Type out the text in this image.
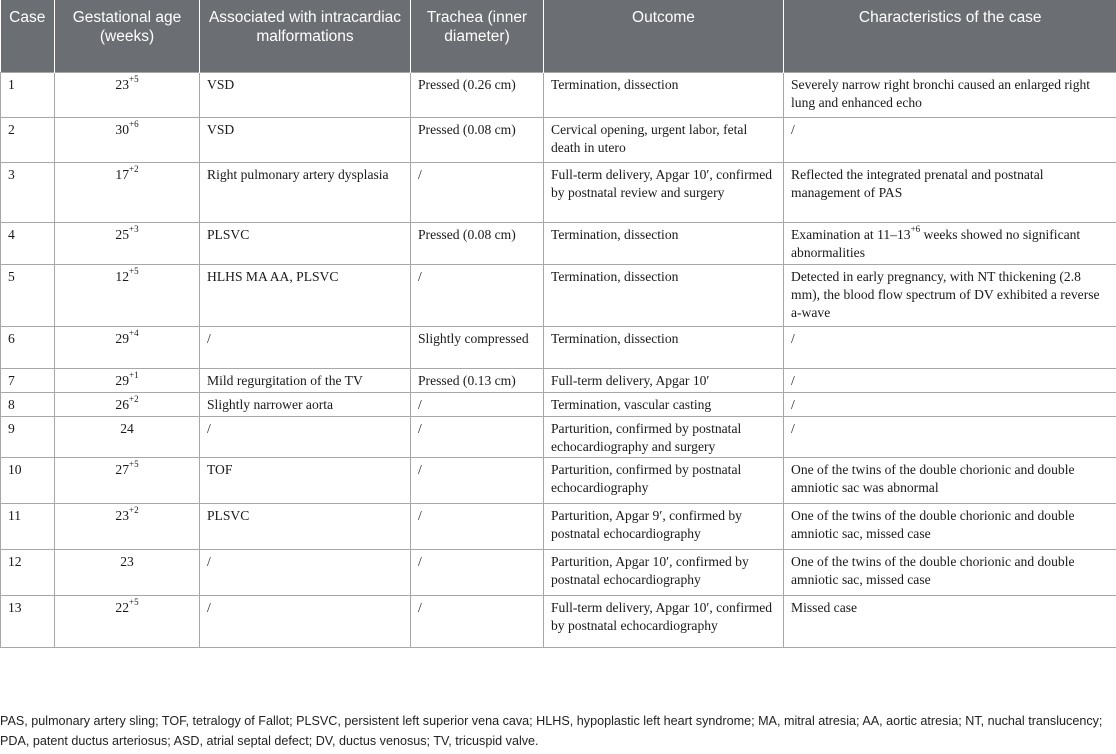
Case	Gestational age (weeks)	Associated with intracardiac malformations	Trachea (inner diameter)	Outcome	Characteristics of the case
1	$23^{+5}$	VSD	Pressed (0.26 cm)	Termination, dissection	Severely narrow right bronchi caused an enlarged right lung and enhanced echo
2	$30^{+6}$	VSD	Pressed (0.08 cm)	Cervical opening, urgent labor, fetal death in utero	/
3	$17^{+2}$	Right pulmonary artery dysplasia	/	Full-term delivery, Apgar 10′, confirmed by postnatal review and surgery	Reflected the integrated prenatal and postnatal management of PAS
4	$25^{+3}$	PLSVC	Pressed (0.08 cm)	Termination, dissection	Examination at $11-13^{+6}$ weeks showed no significant abnormalities
5	$12^{+5}$	HLHS MA AA, PLSVC	/	Termination, dissection	Detected in early pregnancy, with NT thickening (2.8 mm), the blood flow spectrum of DV exhibited a reverse a-wave
6	$29^{+4}$	/	Slightly compressed	Termination, dissection	/
7	$29^{+1}$	Mild regurgitation of the TV	Pressed (0.13 cm)	Full-term delivery, Apgar 10′	/
8	$26^{+2}$	Slightly narrower aorta	/	Termination, vascular casting	/
9	24	/	/	Parturition, confirmed by postnatal echocardiography and surgery	/
10	$27^{+5}$	TOF	/	Parturition, confirmed by postnatal echocardiography	One of the twins of the double chorionic and double amniotic sac was abnormal
11	$23^{+2}$	PLSVC	/	Parturition, Apgar 9′, confirmed by postnatal echocardiography	One of the twins of the double chorionic and double amniotic sac, missed case
12	23	/	/	Parturition, Apgar 10′, confirmed by postnatal echocardiography	One of the twins of the double chorionic and double amniotic sac, missed case
13	$22^{+5}$	/	/	Full-term delivery, Apgar 10′, confirmed by postnatal echocardiography	Missed case

PAS, pulmonary artery sling; TOF, tetralogy of Fallot; PLSVC, persistent left superior vena cava; HLHS, hypoplastic left heart syndrome; MA, mitral atresia; AA, aortic atresia; NT, nuchal translucency; PDA, patent ductus arteriosus; ASD, atrial septal defect; DV, ductus venosus; TV, tricuspid valve.
